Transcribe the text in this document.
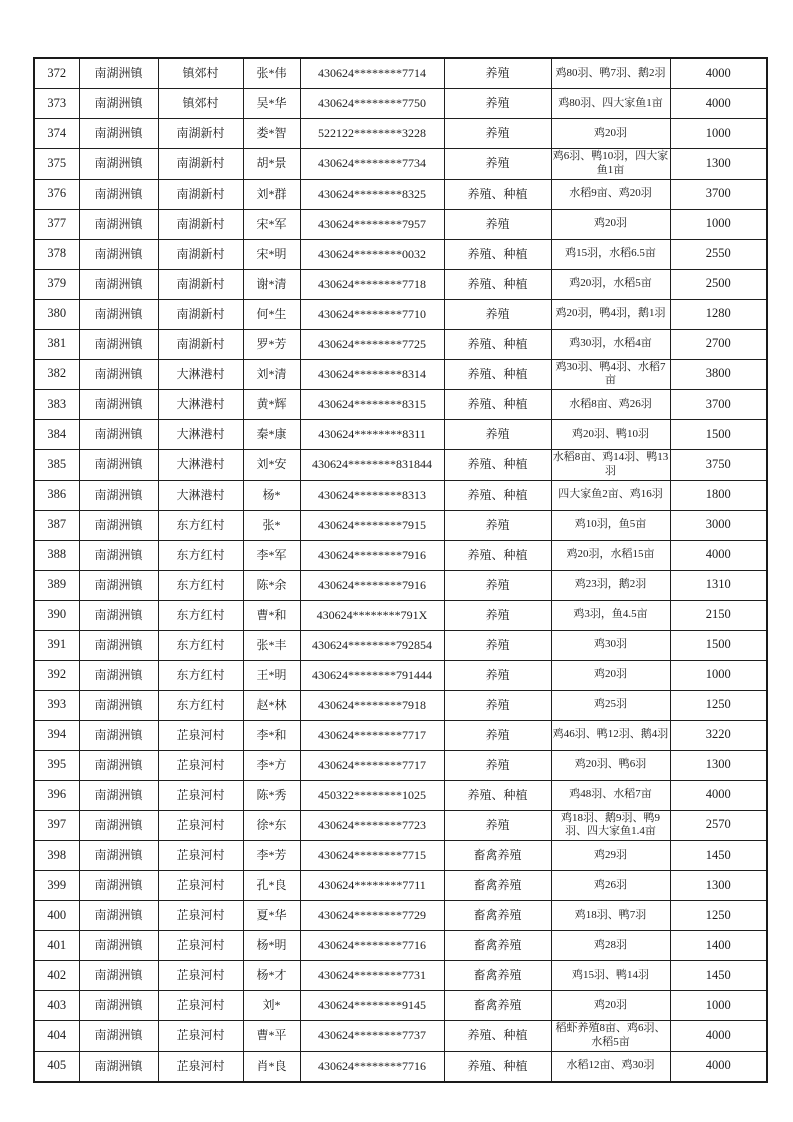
372	南湖洲镇	镇郊村	张*伟	430624********7714	养殖	鸡80羽、鸭7羽、鹅2羽	4000
373	南湖洲镇	镇郊村	吴*华	430624********7750	养殖	鸡80羽、四大家鱼1亩	4000
374	南湖洲镇	南湖新村	娄*智	522122********3228	养殖	鸡20羽	1000
375	南湖洲镇	南湖新村	胡*景	430624********7734	养殖	鸡6羽、鸭10羽，四大家鱼1亩	1300
376	南湖洲镇	南湖新村	刘*群	430624********8325	养殖、种植	水稻9亩、鸡20羽	3700
377	南湖洲镇	南湖新村	宋*军	430624********7957	养殖	鸡20羽	1000
378	南湖洲镇	南湖新村	宋*明	430624********0032	养殖、种植	鸡15羽，水稻6.5亩	2550
379	南湖洲镇	南湖新村	谢*清	430624********7718	养殖、种植	鸡20羽，水稻5亩	2500
380	南湖洲镇	南湖新村	何*生	430624********7710	养殖	鸡20羽，鸭4羽，鹅1羽	1280
381	南湖洲镇	南湖新村	罗*芳	430624********7725	养殖、种植	鸡30羽，水稻4亩	2700
382	南湖洲镇	大淋港村	刘*清	430624********8314	养殖、种植	鸡30羽、鸭4羽、水稻7亩	3800
383	南湖洲镇	大淋港村	黄*辉	430624********8315	养殖、种植	水稻8亩、鸡26羽	3700
384	南湖洲镇	大淋港村	秦*康	430624********8311	养殖	鸡20羽、鸭10羽	1500
385	南湖洲镇	大淋港村	刘*安	430624********831844	养殖、种植	水稻8亩、鸡14羽、鸭13羽	3750
386	南湖洲镇	大淋港村	杨*	430624********8313	养殖、种植	四大家鱼2亩、鸡16羽	1800
387	南湖洲镇	东方红村	张*	430624********7915	养殖	鸡10羽，鱼5亩	3000
388	南湖洲镇	东方红村	李*军	430624********7916	养殖、种植	鸡20羽，水稻15亩	4000
389	南湖洲镇	东方红村	陈*余	430624********7916	养殖	鸡23羽，鹅2羽	1310
390	南湖洲镇	东方红村	曹*和	430624********791X	养殖	鸡3羽，鱼4.5亩	2150
391	南湖洲镇	东方红村	张*丰	430624********792854	养殖	鸡30羽	1500
392	南湖洲镇	东方红村	王*明	430624********791444	养殖	鸡20羽	1000
393	南湖洲镇	东方红村	赵*林	430624********7918	养殖	鸡25羽	1250
394	南湖洲镇	芷泉河村	李*和	430624********7717	养殖	鸡46羽、鸭12羽、鹅4羽	3220
395	南湖洲镇	芷泉河村	李*方	430624********7717	养殖	鸡20羽、鸭6羽	1300
396	南湖洲镇	芷泉河村	陈*秀	450322********1025	养殖、种植	鸡48羽、水稻7亩	4000
397	南湖洲镇	芷泉河村	徐*东	430624********7723	养殖	鸡18羽、鹅9羽、鸭9羽、四大家鱼1.4亩	2570
398	南湖洲镇	芷泉河村	李*芳	430624********7715	畜禽养殖	鸡29羽	1450
399	南湖洲镇	芷泉河村	孔*良	430624********7711	畜禽养殖	鸡26羽	1300
400	南湖洲镇	芷泉河村	夏*华	430624********7729	畜禽养殖	鸡18羽、鸭7羽	1250
401	南湖洲镇	芷泉河村	杨*明	430624********7716	畜禽养殖	鸡28羽	1400
402	南湖洲镇	芷泉河村	杨*才	430624********7731	畜禽养殖	鸡15羽、鸭14羽	1450
403	南湖洲镇	芷泉河村	刘*	430624********9145	畜禽养殖	鸡20羽	1000
404	南湖洲镇	芷泉河村	曹*平	430624********7737	养殖、种植	稻虾养殖8亩、鸡6羽、水稻5亩	4000
405	南湖洲镇	芷泉河村	肖*良	430624********7716	养殖、种植	水稻12亩、鸡30羽	4000
